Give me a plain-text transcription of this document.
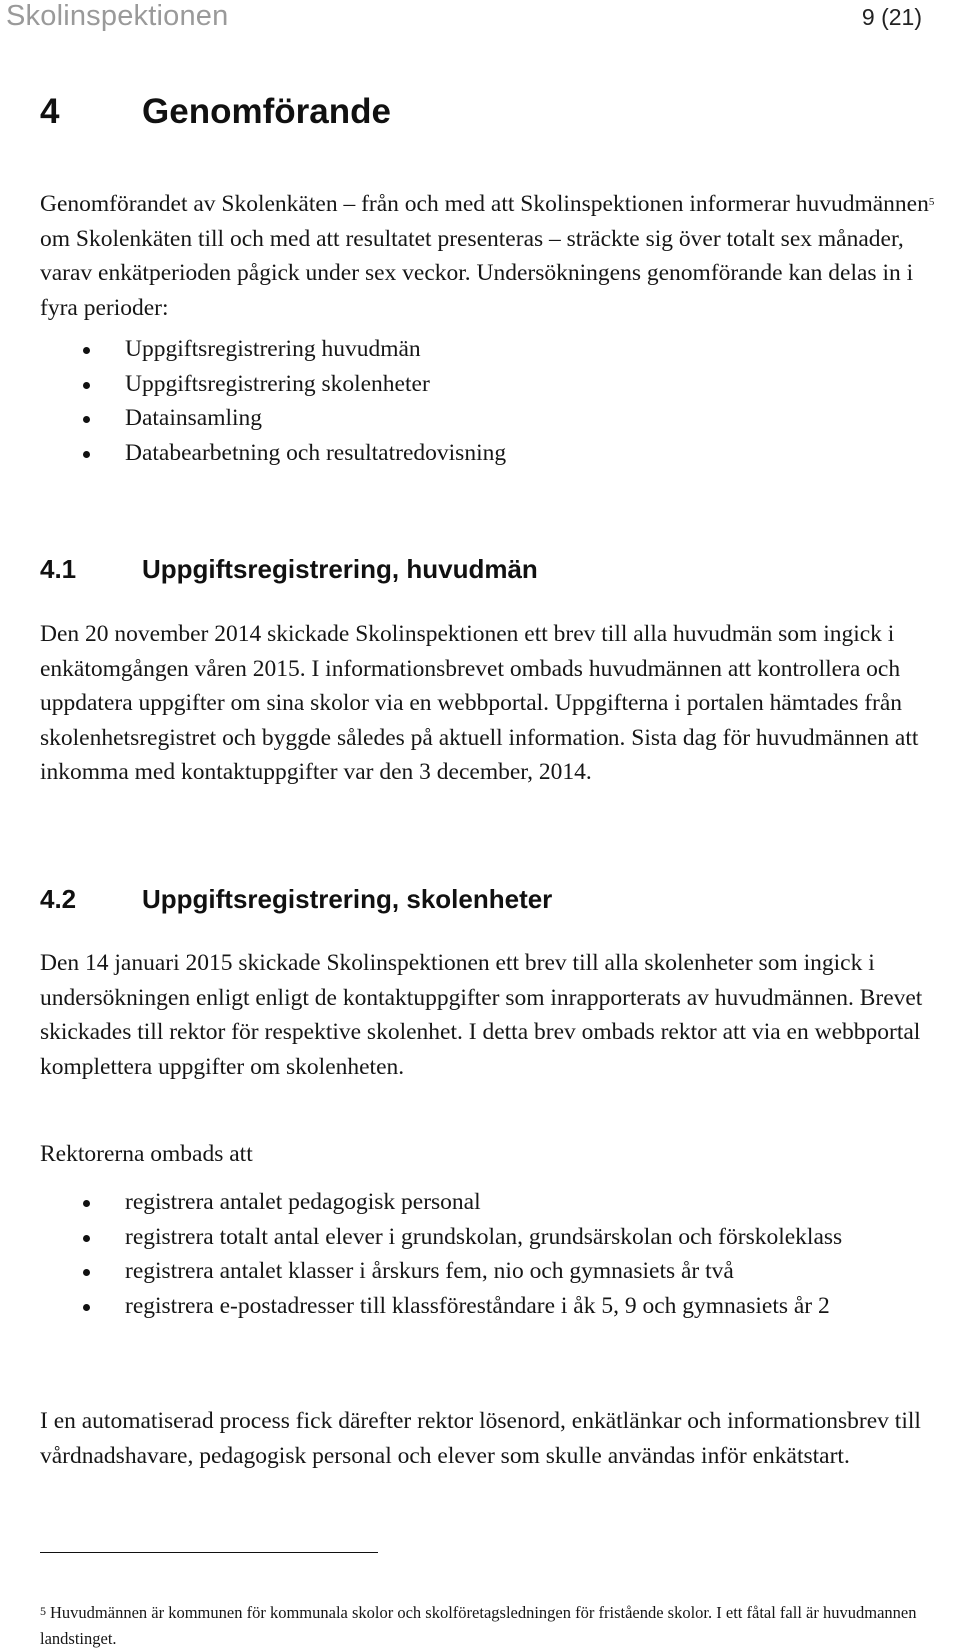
Skolinspektionen	9 (21)
4 Genomförande

Genomförandet av Skolenkäten – från och med att Skolinspektionen informerar huvudmännen$^5$ om Skolenkäten till och med att resultatet presenteras – sträckte sig över totalt sex månader, varav enkätperioden pågick under sex veckor. Undersökningens genomförande kan delas in i fyra perioder:

Uppgiftsregistrering huvudmän
Uppgiftsregistrering skolenheter
Datainsamling
Databearbetning och resultatredovisning
4.1	Uppgiftsregistrering, huvudmän

Den 20 november 2014 skickade Skolinspektionen ett brev till alla huvudmän som ingick i enkätomgången våren 2015. I informationsbrevet ombads huvudmännen att kontrollera och uppdatera uppgifter om sina skolor via en webbportal. Uppgifterna i portalen hämtades från skolenhetsregistret och byggde således på aktuell information. Sista dag för huvudmännen att inkomma med kontaktuppgifter var den 3 december, 2014.

4.2	Uppgiftsregistrering, skolenheter

Den 14 januari 2015 skickade Skolinspektionen ett brev till alla skolenheter som ingick i undersökningen enligt enligt de kontaktuppgifter som inrapporterats av huvudmännen. Brevet skickades till rektor för respektive skolenhet. I detta brev ombads rektor att via en webbportal komplettera uppgifter om skolenheten.

Rektorerna ombads att

registrera antalet pedagogisk personal
registrera totalt antal elever i grundskolan, grundsärskolan och förskoleklass
registrera antalet klasser i årskurs fem, nio och gymnasiets år två
registrera e-postadresser till klassföreståndare i åk 5, 9 och gymnasiets år 2

I en automatiserad process fick därefter rektor lösenord, enkätlänkar och informationsbrev till vårdnadshavare, pedagogisk personal och elever som skulle användas inför enkätstart.

5 Huvudmännen är kommunen för kommunala skolor och skolföretagsledningen för fristående skolor. I ett fåtal fall är huvudmannen landstinget.
